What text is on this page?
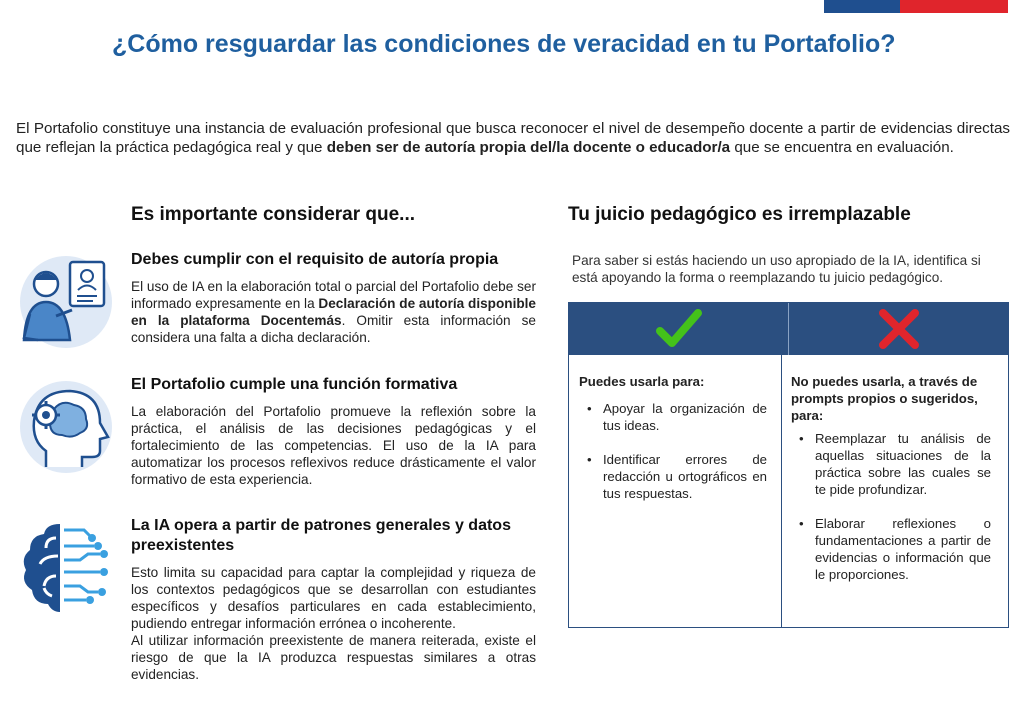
¿Cómo resguardar las condiciones de veracidad en tu Portafolio?

El Portafolio constituye una instancia de evaluación profesional que busca reconocer el nivel de desempeño docente a partir de evidencias directas que reflejan la práctica pedagógica real y que deben ser de autoría propia del/la docente o educador/a que se encuentra en evaluación.

Es importante considerar que...	Tu juicio pedagógico es irremplazable
Debes cumplir con el requisito de autoría propia

El uso de IA en la elaboración total o parcial del Portafolio debe ser informado expresamente en la Declaración de autoría disponible en la plataforma Docentemás. Omitir esta información se considera una falta a dicha declaración.

El Portafolio cumple una función formativa

La elaboración del Portafolio promueve la reflexión sobre la práctica, el análisis de las decisiones pedagógicas y el fortalecimiento de las competencias. El uso de la IA para automatizar los procesos reflexivos reduce drásticamente el valor formativo de esta experiencia.

La IA opera a partir de patrones generales y datos preexistentes

Esto limita su capacidad para captar la complejidad y riqueza de los contextos pedagógicos que se desarrollan con estudiantes específicos y desafíos particulares en cada establecimiento, pudiendo entregar información errónea o incoherente.
Al utilizar información preexistente de manera reiterada, existe el riesgo de que la IA produzca respuestas similares a otras evidencias.

Para saber si estás haciendo un uso apropiado de la IA, identifica si está apoyando la forma o reemplazando tu juicio pedagógico.

Puedes usarla para:
• Apoyar la organización de tus ideas.
• Identificar errores de redacción u ortográficos en tus respuestas.
No puedes usarla, a través de prompts propios o sugeridos, para:
• Reemplazar tu análisis de aquellas situaciones de la práctica sobre las cuales se te pide profundizar.
• Elaborar reflexiones o fundamentaciones a partir de evidencias o información que le proporciones.
